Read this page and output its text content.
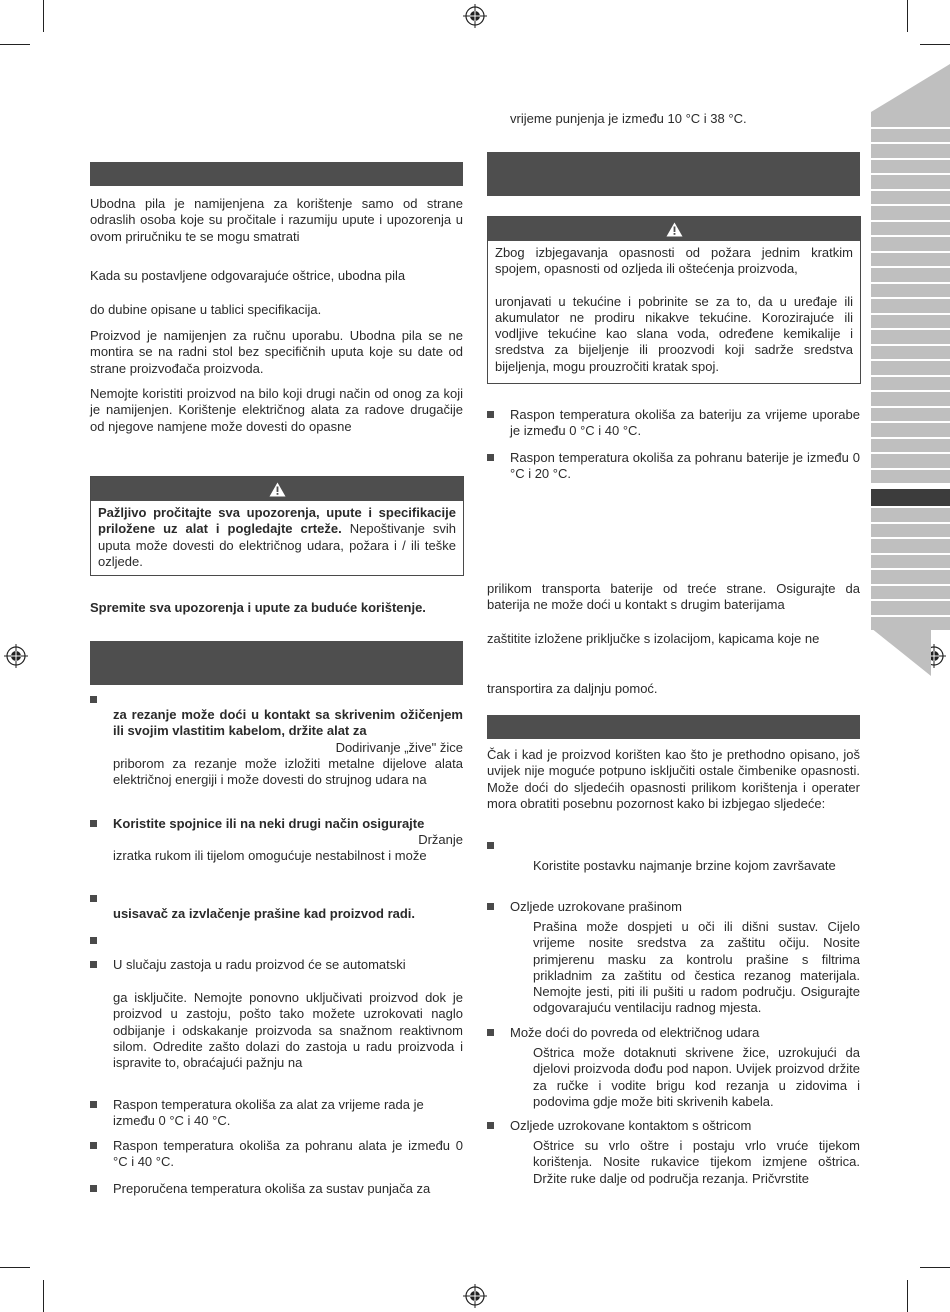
Ubodna pila je namijenjena za korištenje samo od strane odraslih osoba koje su pročitale i razumiju upute i upozorenja u ovom priručniku te se mogu smatrati
Kada su postavljene odgovarajuće oštrice, ubodna pila
do dubine opisane u tablici specifikacija.
Proizvod je namijenjen za ručnu uporabu. Ubodna pila se ne montira se na radni stol bez specifičnih uputa koje su date od strane proizvođača proizvoda.
Nemojte koristiti proizvod na bilo koji drugi način od onog za koji je namijenjen. Korištenje električnog alata za radove drugačije od njegove namjene može dovesti do opasne
Pažljivo pročitajte sva upozorenja, upute i specifikacije priložene uz alat i pogledajte crteže. Nepoštivanje svih uputa može dovesti do električnog udara, požara i / ili teške ozljede.
Spremite sva upozorenja i upute za buduće korištenje.
za rezanje može doći u kontakt sa skrivenim ožičenjem ili svojim vlastitim kabelom, držite alat za
Dodirivanje „živе" žice
priborom za rezanje može izložiti metalne dijelove alata električnoj energiji i može dovesti do strujnog udara na
Koristite spojnice ili na neki drugi način osigurajte
Držanje
izratka rukom ili tijelom omogućuje nestabilnost i može
usisavač za izvlačenje prašine kad proizvod radi.
U slučaju zastoja u radu proizvod će se automatski
ga isključite. Nemojte ponovno uključivati proizvod dok je proizvod u zastoju, pošto tako možete uzrokovati naglo odbijanje i odskakanje proizvoda sa snažnom reaktivnom silom. Odredite zašto dolazi do zastoja u radu proizvoda i ispravite to, obraćajući pažnju na
Raspon temperatura okoliša za alat za vrijeme rada je između 0 °C i 40 °C.
Raspon temperatura okoliša za pohranu alata je između 0 °C i 40 °C.
Preporučena temperatura okoliša za sustav punjača za
vrijeme punjenja je između 10 °C i 38 °C.
Zbog izbjegavanja opasnosti od požara jednim kratkim spojem, opasnosti od ozljeda ili oštećenja proizvoda,
uronjavati u tekućine i pobrinite se za to, da u uređaje ili akumulator ne prodiru nikakve tekućine. Korozirajuće ili vodljive tekućine kao slana voda, određene kemikalije i sredstva za bijeljenje ili proozvodi koji sadrže sredstva bijeljenja, mogu prouzročiti kratak spoj.
Raspon temperatura okoliša za bateriju za vrijeme uporabe je između 0 °C i 40 °C.
Raspon temperatura okoliša za pohranu baterije je između 0 °C i 20 °C.
prilikom transporta baterije od treće strane. Osigurajte da baterija ne može doći u kontakt s drugim baterijama
zaštitite izložene priključke s izolacijom, kapicama koje ne
transportira za daljnju pomoć.
Čak i kad je proizvod korišten kao što je prethodno opisano, još uvijek nije moguće potpuno isključiti ostale čimbenike opasnosti. Može doći do sljedećih opasnosti prilikom korištenja i operater mora obratiti posebnu pozornost kako bi izbjegao sljedeće:
Koristite postavku najmanje brzine kojom završavate
Ozljede uzrokovane prašinom
Prašina može dospjeti u oči ili dišni sustav. Cijelo vrijeme nosite sredstva za zaštitu očiju. Nosite primjerenu masku za kontrolu prašine s filtrima prikladnim za zaštitu od čestica rezanog materijala. Nemojte jesti, piti ili pušiti u radom području. Osigurajte odgovarajuću ventilaciju radnog mjesta.
Može doći do povreda od električnog udara
Oštrica može dotaknuti skrivene žice, uzrokujući da djelovi proizvoda dođu pod napon. Uvijek proizvod držite za ručke i vodite brigu kod rezanja u zidovima i podovima gdje može biti skrivenih kabela.
Ozljede uzrokovane kontaktom s oštricom
Oštrice su vrlo oštre i postaju vrlo vruće tijekom korištenja. Nosite rukavice tijekom izmjene oštrica. Držite ruke dalje od područja rezanja. Pričvrstite
